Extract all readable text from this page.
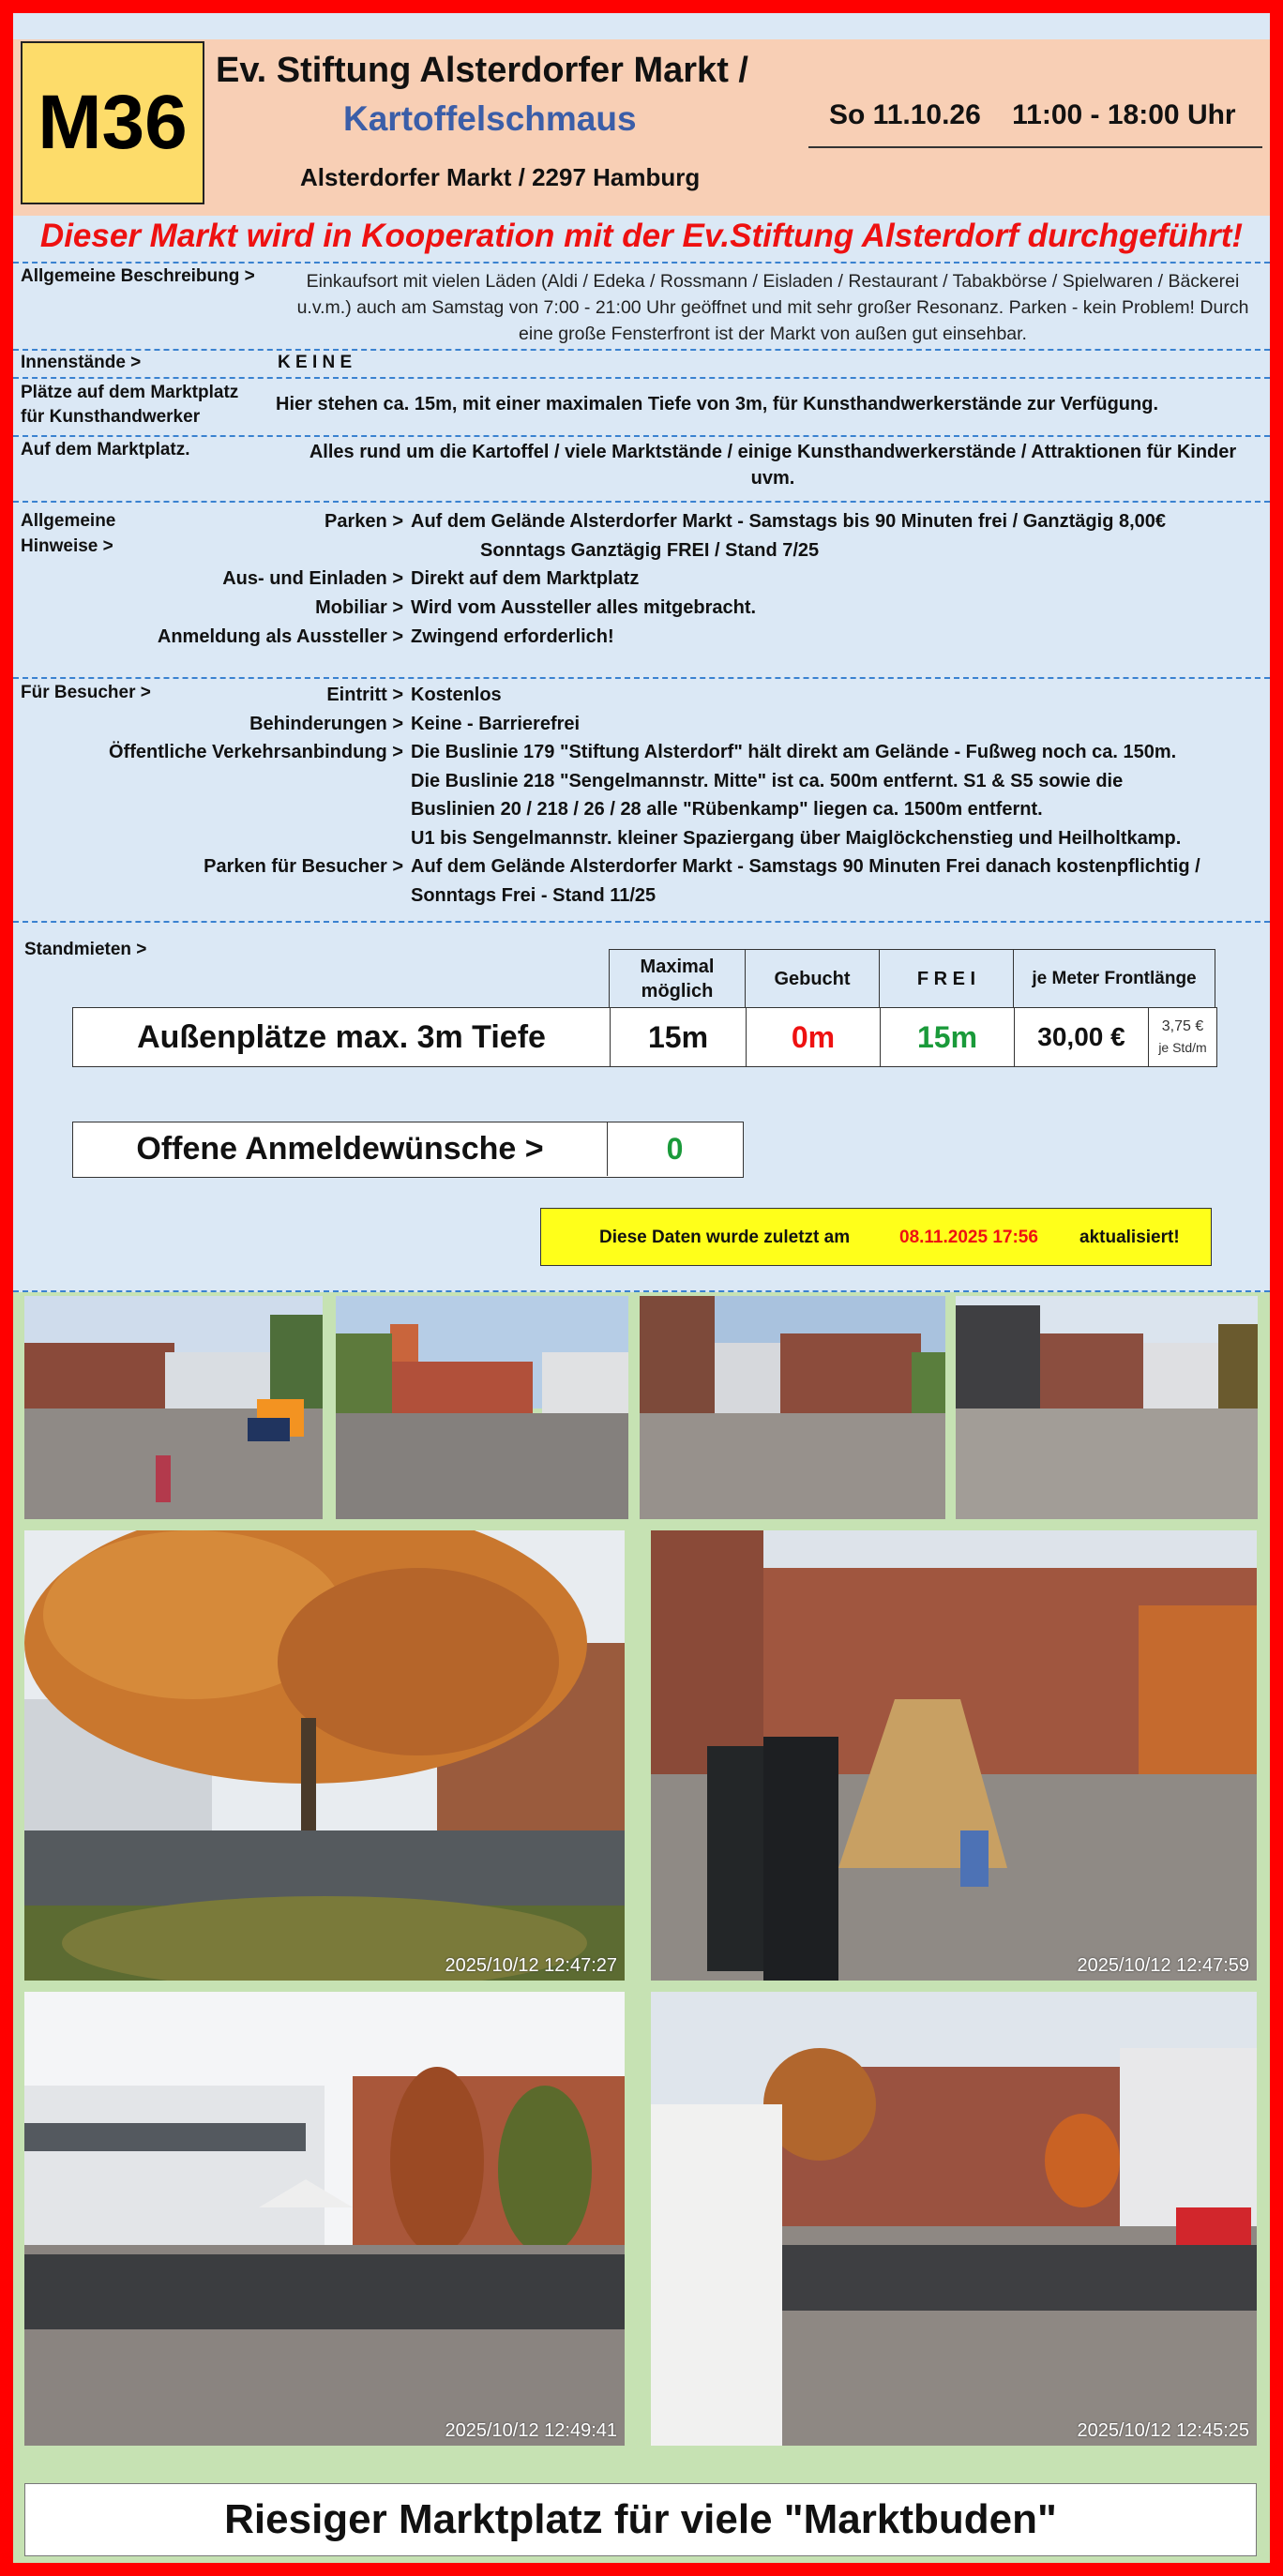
M36
Ev. Stiftung Alsterdorfer Markt /
Kartoffelschmaus
Alsterdorfer Markt / 2297 Hamburg
So 11.10.26 11:00 - 18:00 Uhr
Dieser Markt wird in Kooperation mit der Ev.Stiftung Alsterdorf durchgeführt!
Allgemeine Beschreibung >	Einkaufsort mit vielen Läden (Aldi / Edeka / Rossmann / Eisladen / Restaurant / Tabakbörse / Spielwaren / Bäckerei u.v.m.) auch am Samstag von 7:00 - 21:00 Uhr geöffnet und mit sehr großer Resonanz. Parken - kein Problem! Durch eine große Fensterfront ist der Markt von außen gut einsehbar.
Innenstände >	K E I N E
Plätze auf dem Marktplatz
für Kunsthandwerker
Hier stehen ca. 15m, mit einer maximalen Tiefe von 3m, für Kunsthandwerkerstände zur Verfügung.
Auf dem Marktplatz.	Alles rund um die Kartoffel / viele Marktstände / einige Kunsthandwerkerstände / Attraktionen für Kinder
uvm.
Allgemeine
Hinweise >
Parken > Auf dem Gelände Alsterdorfer Markt - Samstags bis 90 Minuten frei / Ganztägig 8,00€
Sonntags Ganztägig FREI / Stand 7/25
Aus- und Einladen > Direkt auf dem Marktplatz
Mobiliar > Wird vom Aussteller alles mitgebracht.
Anmeldung als Aussteller > Zwingend erforderlich!
Für Besucher >	Eintritt > Kostenlos
Behinderungen > Keine - Barrierefrei
Öffentliche Verkehrsanbindung > Die Buslinie 179 "Stiftung Alsterdorf" hält direkt am Gelände - Fußweg noch ca. 150m.
Die Buslinie 218 "Sengelmannstr. Mitte" ist ca. 500m entfernt. S1 & S5 sowie die
Buslinien 20 / 218 / 26 / 28 alle "Rübenkamp" liegen ca. 1500m entfernt.
U1 bis Sengelmannstr. kleiner Spaziergang über Maiglöckchenstieg und Heilholtkamp.
Parken für Besucher > Auf dem Gelände Alsterdorfer Markt - Samstags 90 Minuten Frei danach kostenpflichtig /
Sonntags Frei - Stand 11/25
Standmieten >
Maximal
möglich
	Gebucht	F R E I	je Meter Frontlänge
Außenplätze max. 3m Tiefe	15m	0m	15m	30,00 €	3,75 €
je Std/m
Offene Anmeldewünsche >	0
Diese Daten wurde zuletzt am	08.11.2025 17:56 aktualisiert!
2025/10/12 12:47:27	2025/10/12 12:47:59
2025/10/12 12:49:41	2025/10/12 12:45:25
Riesiger Marktplatz für viele "Marktbuden"
